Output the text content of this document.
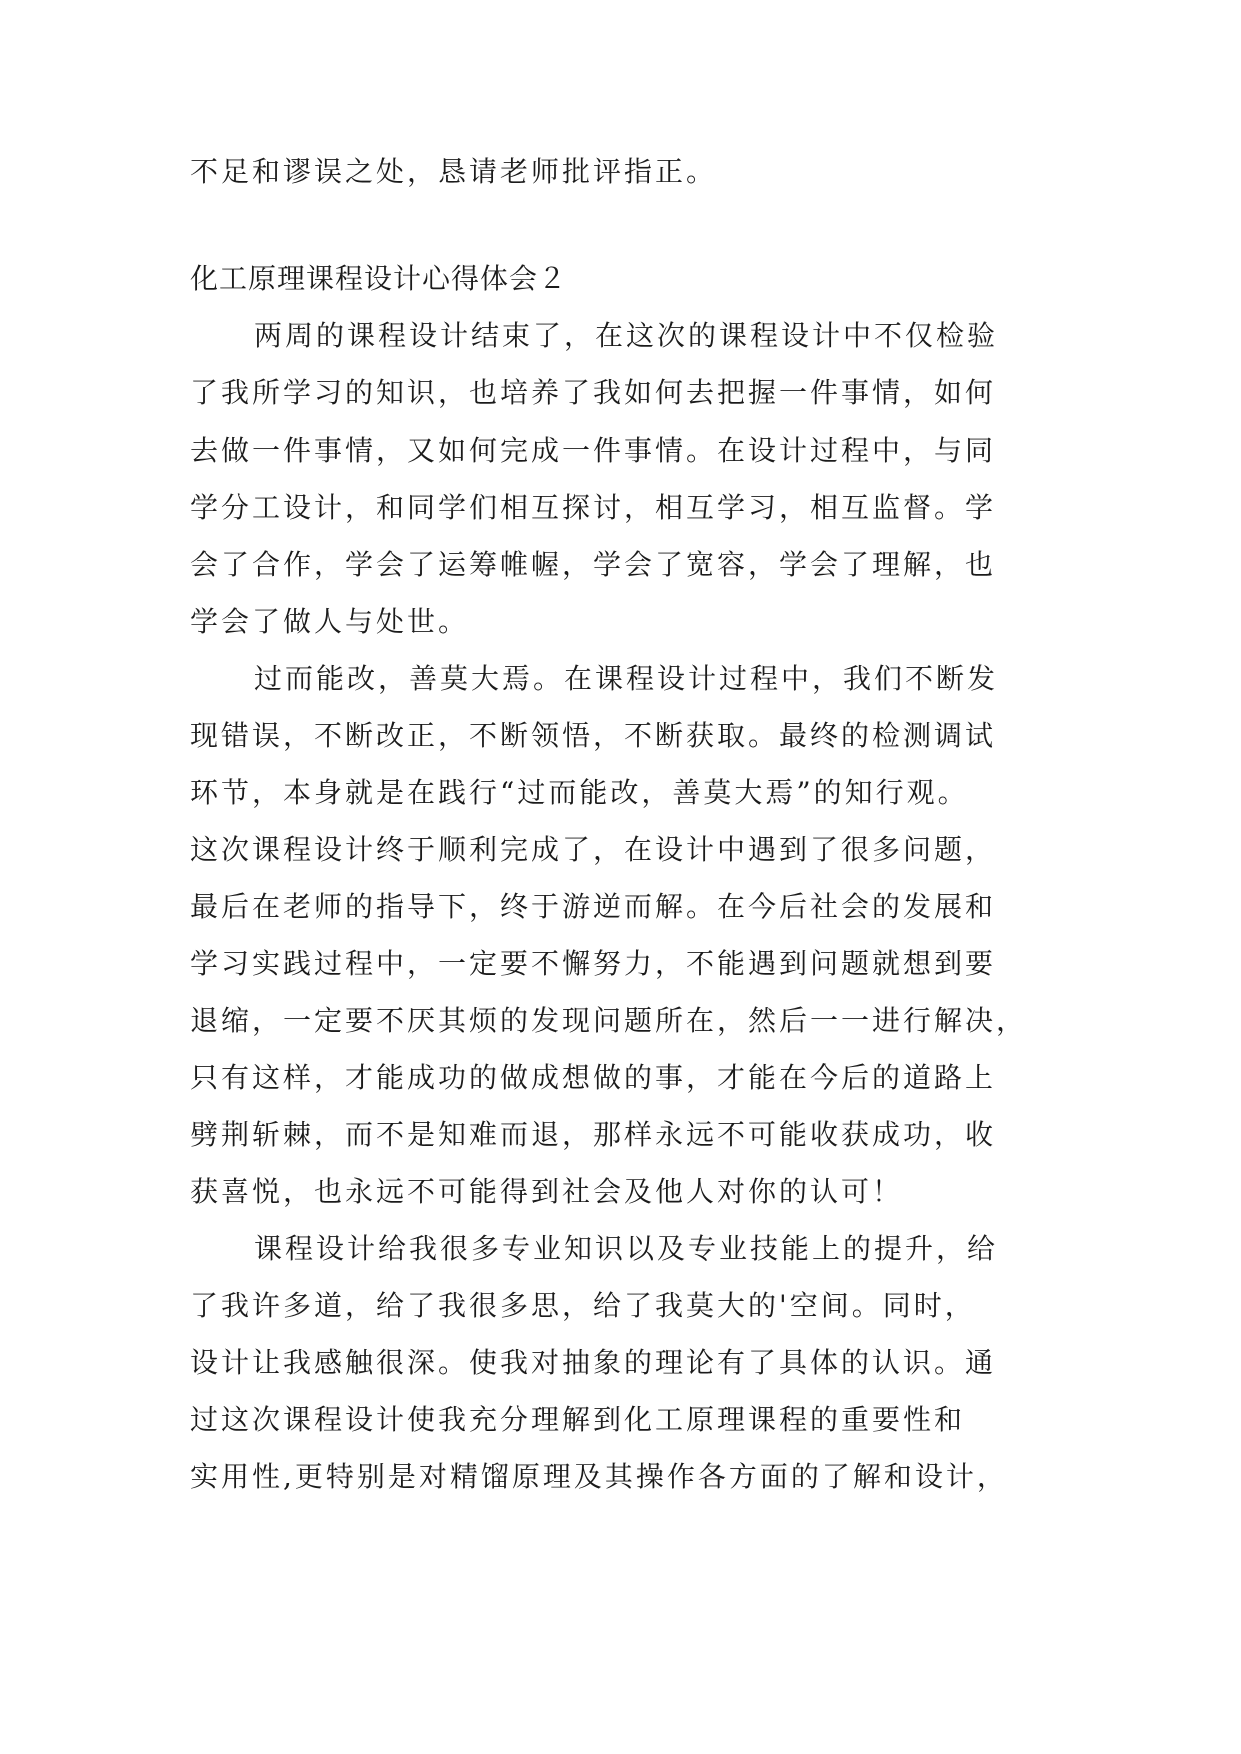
不足和谬误之处，恳请老师批评指正。
化工原理课程设计心得体会２
两周的课程设计结束了，在这次的课程设计中不仅检验
了我所学习的知识，也培养了我如何去把握一件事情，如何
去做一件事情，又如何完成一件事情。在设计过程中，与同
学分工设计，和同学们相互探讨，相互学习，相互监督。学
会了合作，学会了运筹帷幄，学会了宽容，学会了理解，也
学会了做人与处世。
过而能改，善莫大焉。在课程设计过程中，我们不断发
现错误，不断改正，不断领悟，不断获取。最终的检测调试
环节，本身就是在践行“过而能改，善莫大焉”的知行观。
这次课程设计终于顺利完成了，在设计中遇到了很多问题，
最后在老师的指导下，终于游逆而解。在今后社会的发展和
学习实践过程中，一定要不懈努力，不能遇到问题就想到要
退缩，一定要不厌其烦的发现问题所在，然后一一进行解决，
只有这样，才能成功的做成想做的事，才能在今后的道路上
劈荆斩棘，而不是知难而退，那样永远不可能收获成功，收
获喜悦，也永远不可能得到社会及他人对你的认可！
课程设计给我很多专业知识以及专业技能上的提升，给
了我许多道，给了我很多思，给了我莫大的'空间。同时，
设计让我感触很深。使我对抽象的理论有了具体的认识。通
过这次课程设计使我充分理解到化工原理课程的重要性和
实用性,更特别是对精馏原理及其操作各方面的了解和设计，
